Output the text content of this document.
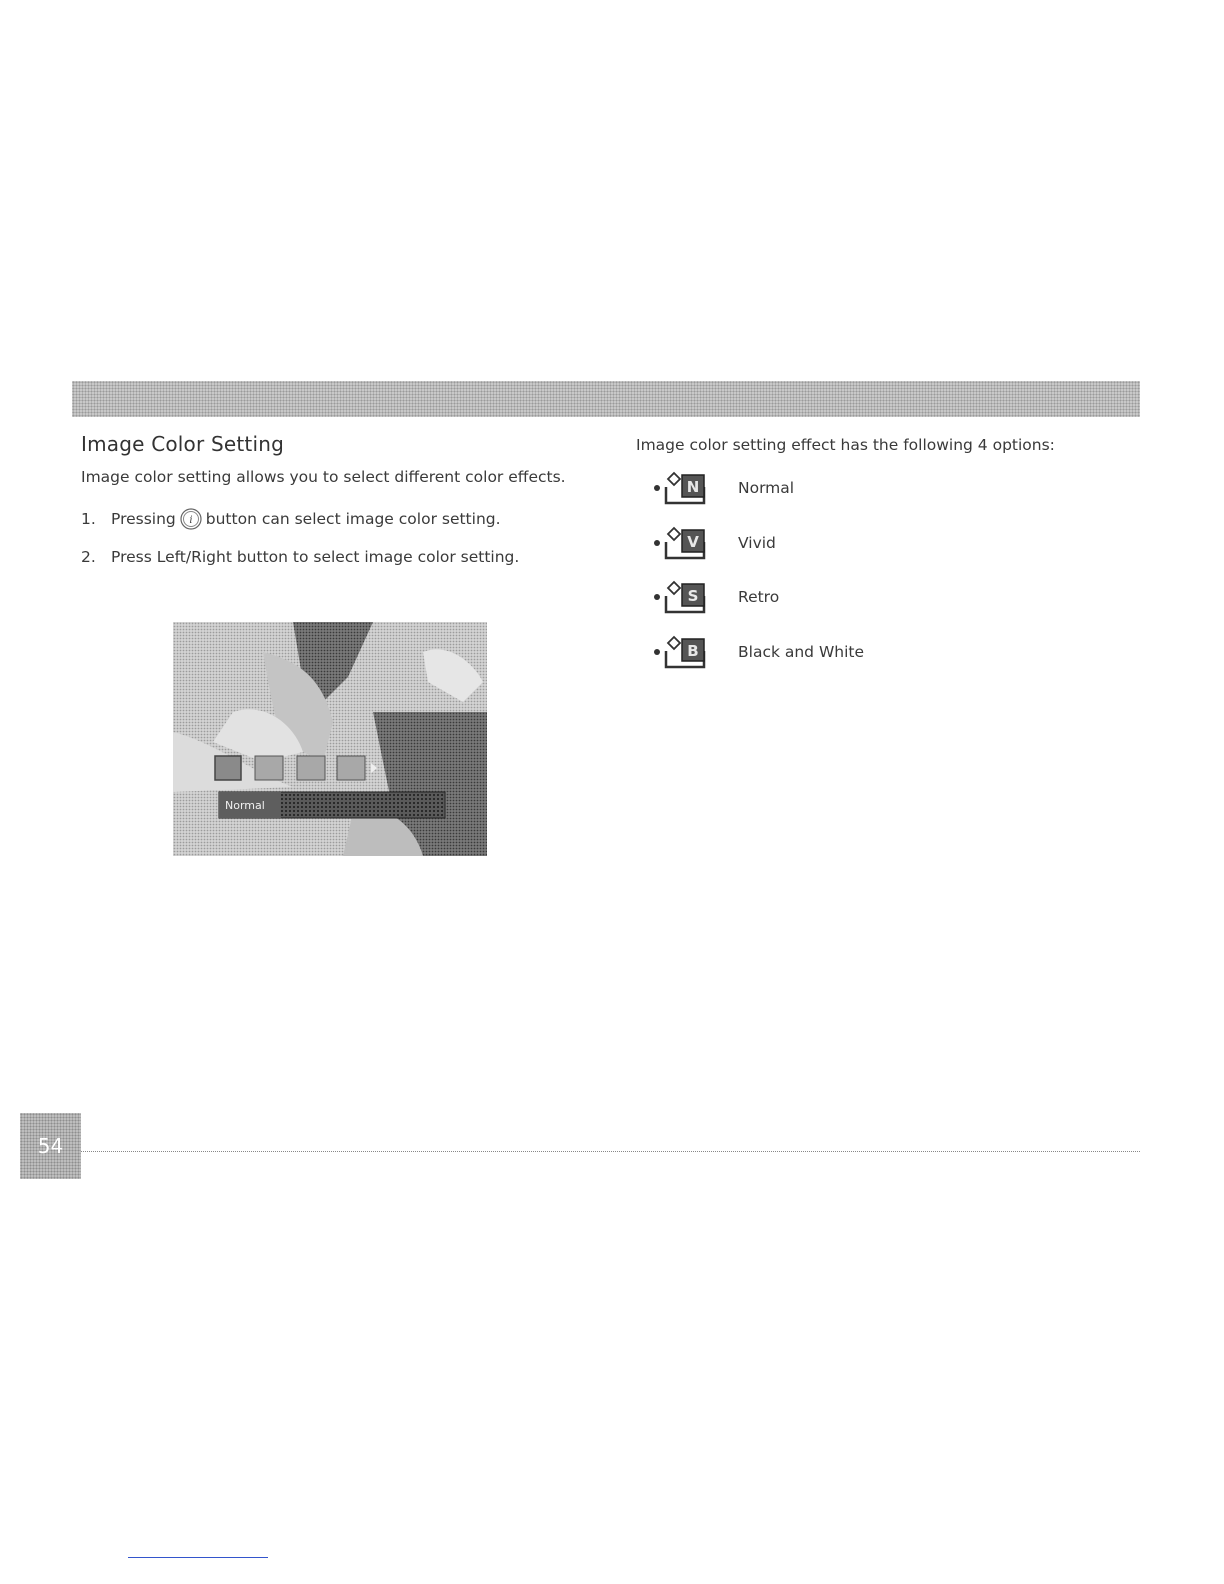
Image Color Setting

Image color setting allows you to select different color effects.

1. Pressing i button can select image color setting.
2. Press Left/Right button to select image color setting.
Normal

Image color setting effect has the following 4 options:

N Normal
V	Vivid
S	Retro
B	Black and White
54
